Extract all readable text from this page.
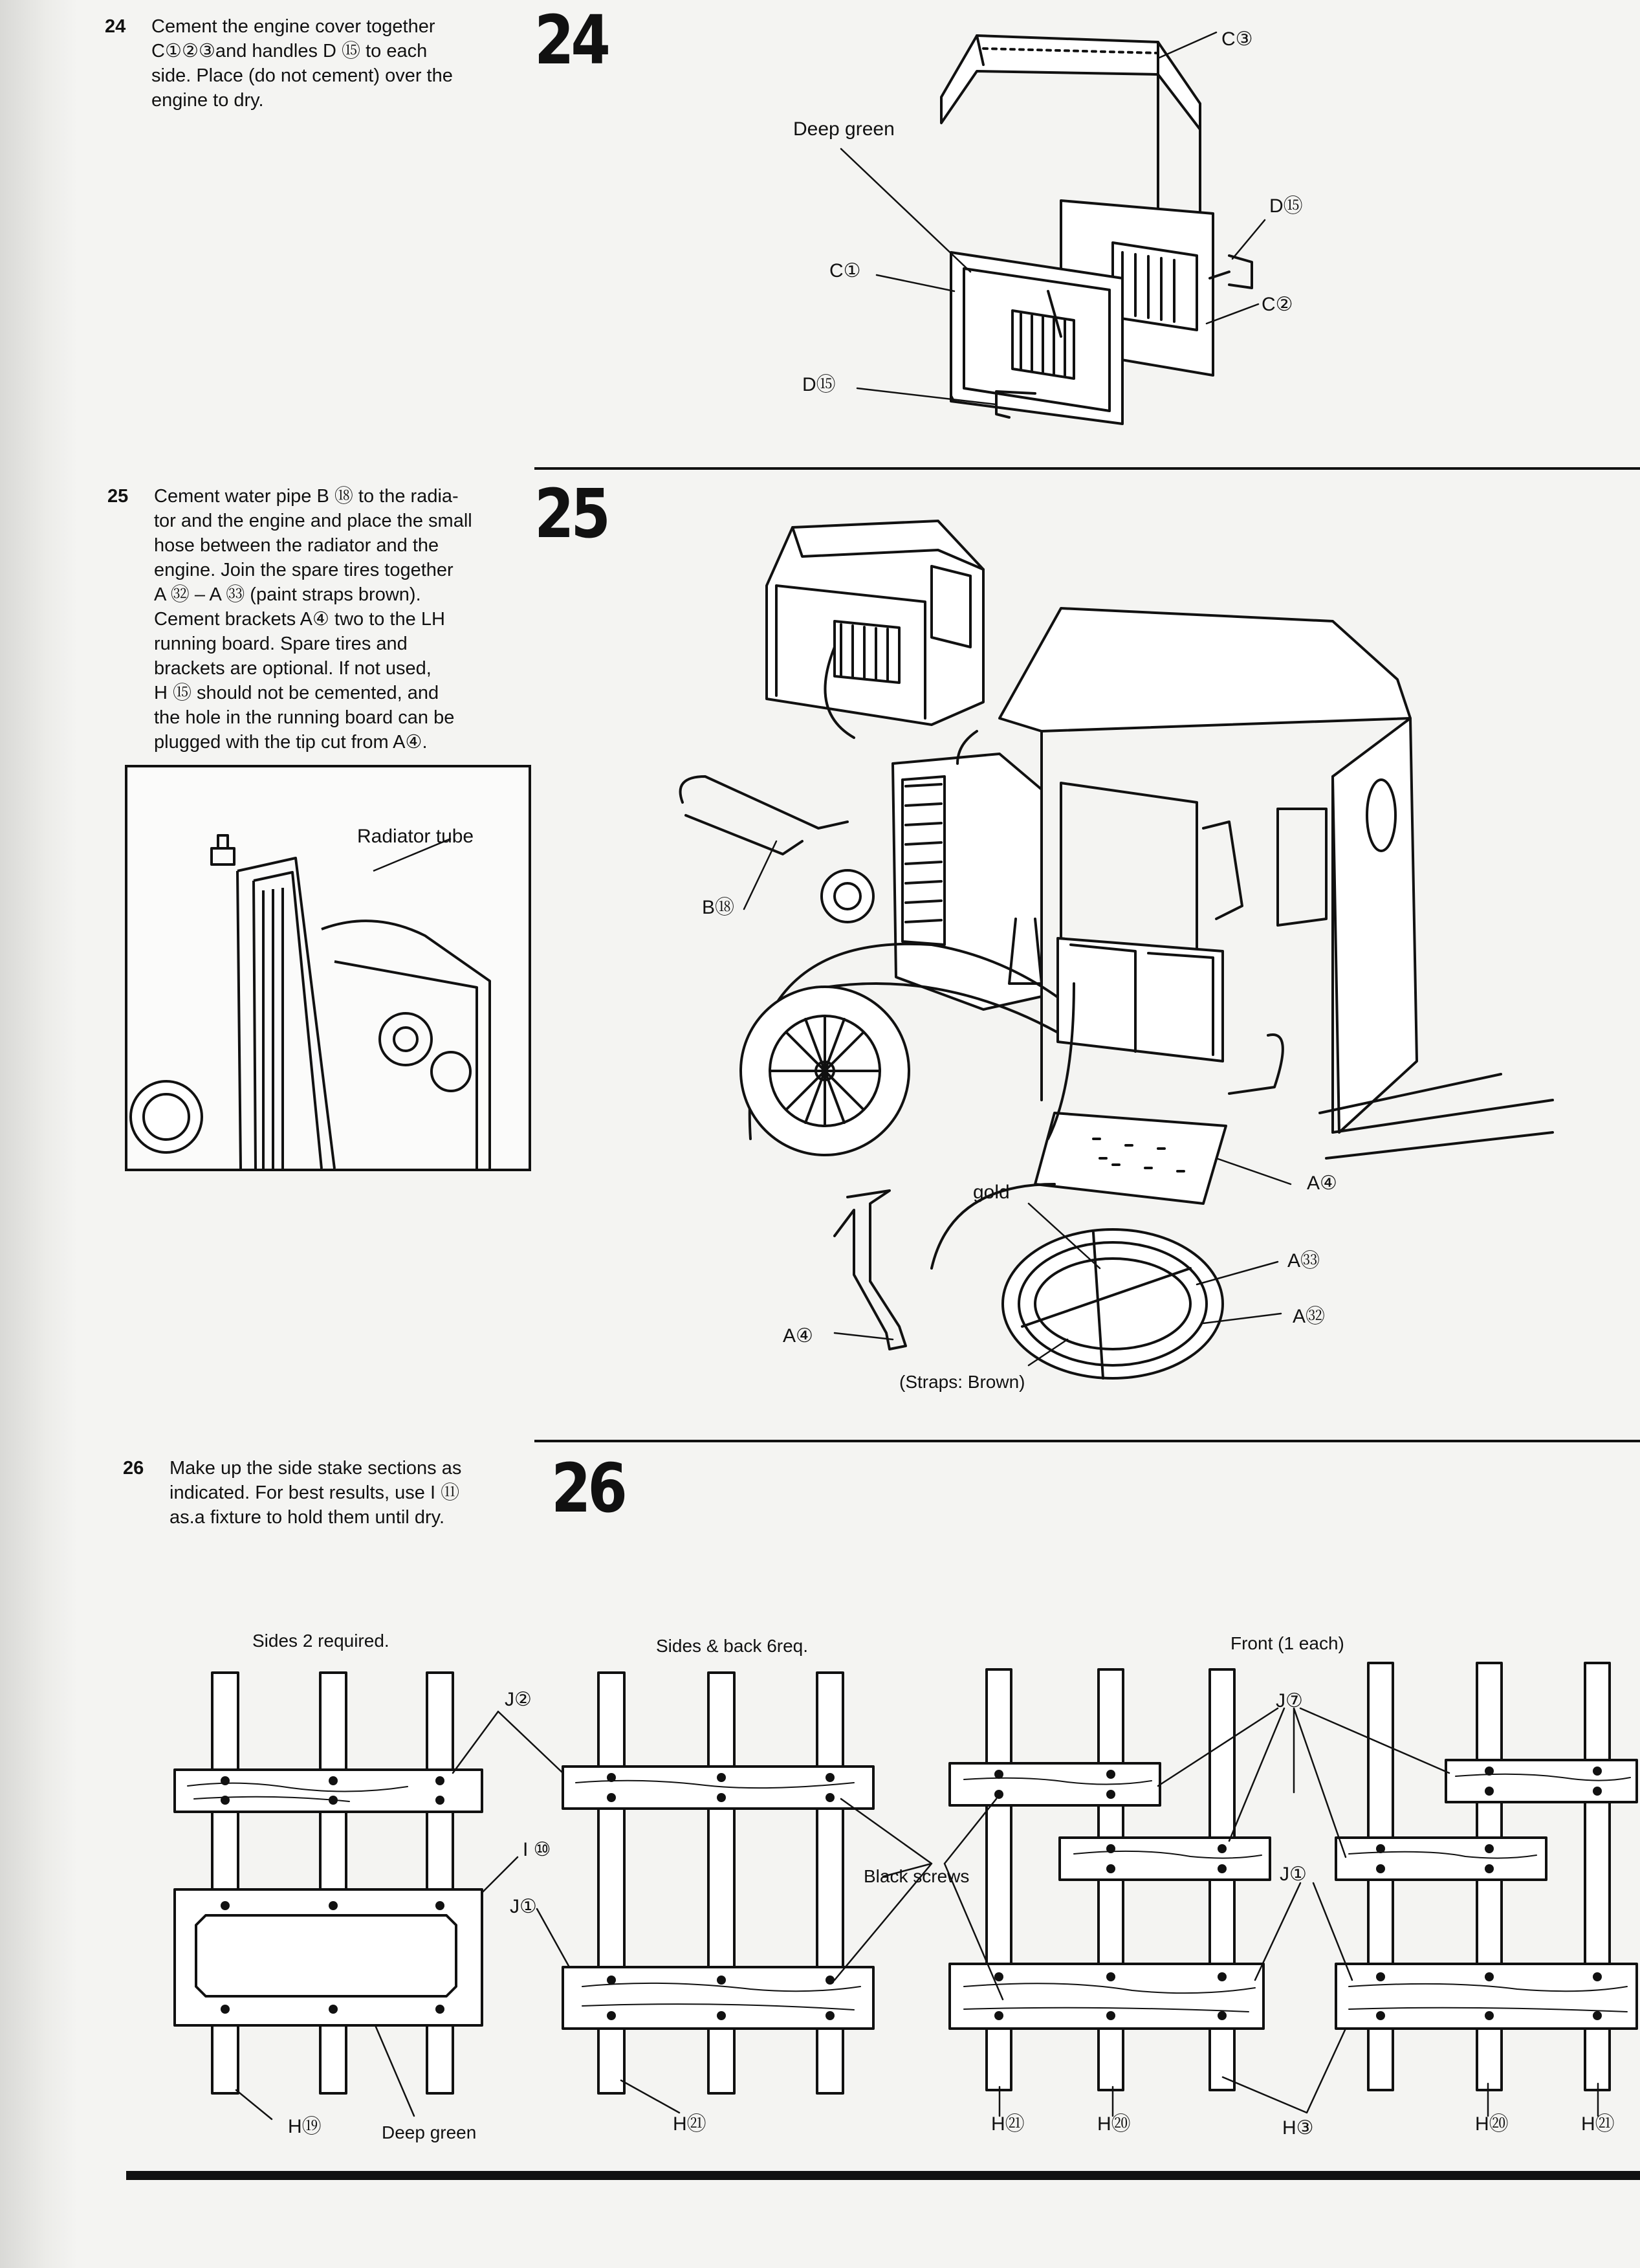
24 Cement the engine cover together

C①②③and handles D ⑮ to each

side. Place (do not cement) over the

engine to dry.

24	C③
Deep green
D⑮
C①
C②
D⑮
25 Cement water pipe B ⑱ to the radia-

tor and the engine and place the small

hose between the radiator and the

engine. Join the spare tires together

A ㉜ – A ㉝ (paint straps brown).

Cement brackets A④ two to the LH

running board. Spare tires and

brackets are optional. If not used,

H ⑮ should not be cemented, and

the hole in the running board can be

plugged with the tip cut from A④.

25
Radiator tube
B⑱
gold	A④
A㉝
A㉜
A④
(Straps: Brown)
26 Make up the side stake sections as

indicated. For best results, use I ⑪

as.a fixture to hold them until dry.	26
Sides 2 required.	Sides & back 6req.	Front (1 each)
J②
I ⑩
J①
Black screws
J⑦
J①
H⑲	Deep green	H㉑	H㉑	H⑳	H③	H⑳	H㉑
